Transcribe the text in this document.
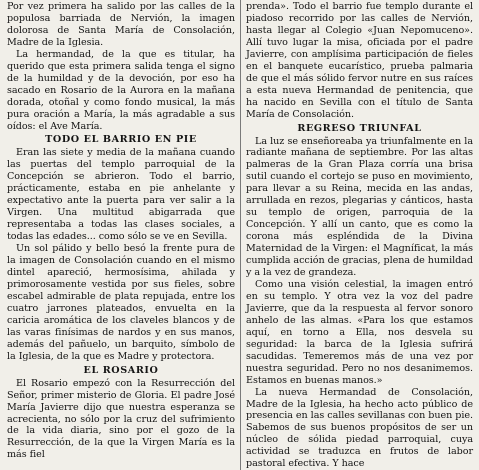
Por vez primera ha salido por las calles de la populosa barriada de Nervión, la imagen dolorosa de Santa María de Consolación, Madre de la Iglesia.

La hermandad, de la que es titular, ha querido que esta primera salida tenga el signo de la humildad y de la devoción, por eso ha sacado en Rosario de la Aurora en la mañana dorada, otoñal y como fondo musical, la más pura oración a María, la más agradable a sus oídos: el Ave María.

TODO EL BARRIO EN PIE

Eran las siete y media de la mañana cuando las puertas del templo parroquial de la Concepción se abrieron. Todo el barrio, prácticamente, estaba en pie anhelante y expectativo ante la puerta para ver salir a la Virgen. Una multitud abigarrada que representaba a todas las clases sociales, a todas las edades... como sólo se ve en Sevilla.

Un sol pálido y bello besó la frente pura de la imagen de Consolación cuando en el mismo dintel apareció, hermosísima, ahilada y primorosamente vestida por sus fieles, sobre escabel admirable de plata repujada, entre los cuatro jarrones plateados, envuelta en la caricia aromática de los claveles blancos y de las varas finísimas de nardos y en sus manos, además del pañuelo, un barquito, símbolo de la Iglesia, de la que es Madre y protectora.

EL ROSARIO

El Rosario empezó con la Resurrección del Señor, primer misterio de Gloria. El padre José María Javierre dijo que nuestra esperanza se acrecienta, no sólo por la cruz del sufrimiento de la vida diaria, sino por el gozo de la Resurrección, de la que la Virgen María es la más fiel

prenda». Todo el barrio fue templo durante el piadoso recorrido por las calles de Nervión, hasta llegar al Colegio «Juan Nepomuceno». Allí tuvo lugar la misa, oficiada por el padre Javierre, con amplísima participación de fieles en el banquete eucarístico, prueba palmaria de que el más sólido fervor nutre en sus raíces a esta nueva Hermandad de penitencia, que ha nacido en Sevilla con el título de Santa María de Consolación.

REGRESO TRIUNFAL

La luz se enseñoreaba ya triunfalmente en la radiante mañana de septiembre. Por las altas palmeras de la Gran Plaza corría una brisa sutil cuando el cortejo se puso en movimiento, para llevar a su Reina, mecida en las andas, arrullada en rezos, plegarias y cánticos, hasta su templo de origen, parroquia de la Concepción. Y allí un canto, que es como la corona más espléndida de la Divina Maternidad de la Virgen: el Magníficat, la más cumplida acción de gracias, plena de humildad y a la vez de grandeza.

Como una visión celestial, la imagen entró en su templo. Y otra vez la voz del padre Javierre, que da la respuesta al fervor sonoro anhelo de las almas. «Para los que estamos aquí, en torno a Ella, nos desvela su seguridad: la barca de la Iglesia sufrirá sacudidas. Temeremos más de una vez por nuestra seguridad. Pero no nos desanimemos. Estamos en buenas manos.»

La nueva Hermandad de Consolación, Madre de la Iglesia, ha hecho acto público de presencia en las calles sevillanas con buen pie. Sabemos de sus buenos propósitos de ser un núcleo de sólida piedad parroquial, cuya actividad se traduzca en frutos de labor pastoral efectiva. Y hace
